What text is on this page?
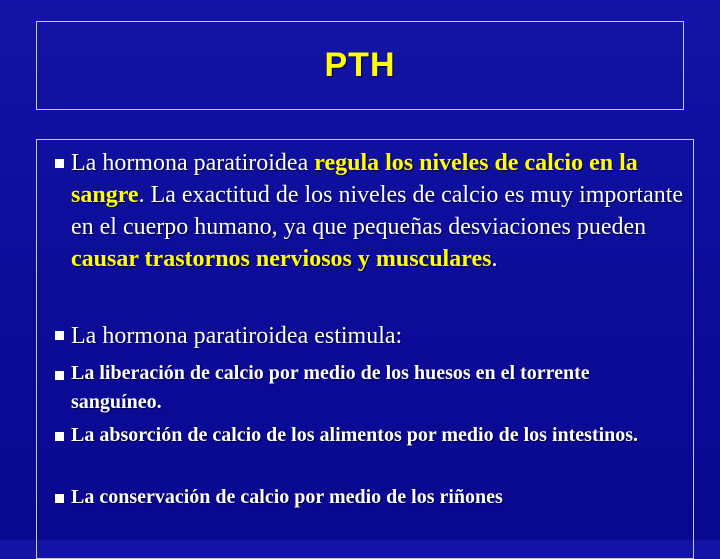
PTH
La hormona paratiroidea regula los niveles de calcio en la sangre. La exactitud de los niveles de calcio es muy importante en el cuerpo humano, ya que pequeñas desviaciones pueden causar trastornos nerviosos y musculares.
La hormona paratiroidea estimula:
La liberación de calcio por medio de los huesos en el torrente sanguíneo.
La absorción de calcio de los alimentos por medio de los intestinos.
La conservación de calcio por medio de los riñones
